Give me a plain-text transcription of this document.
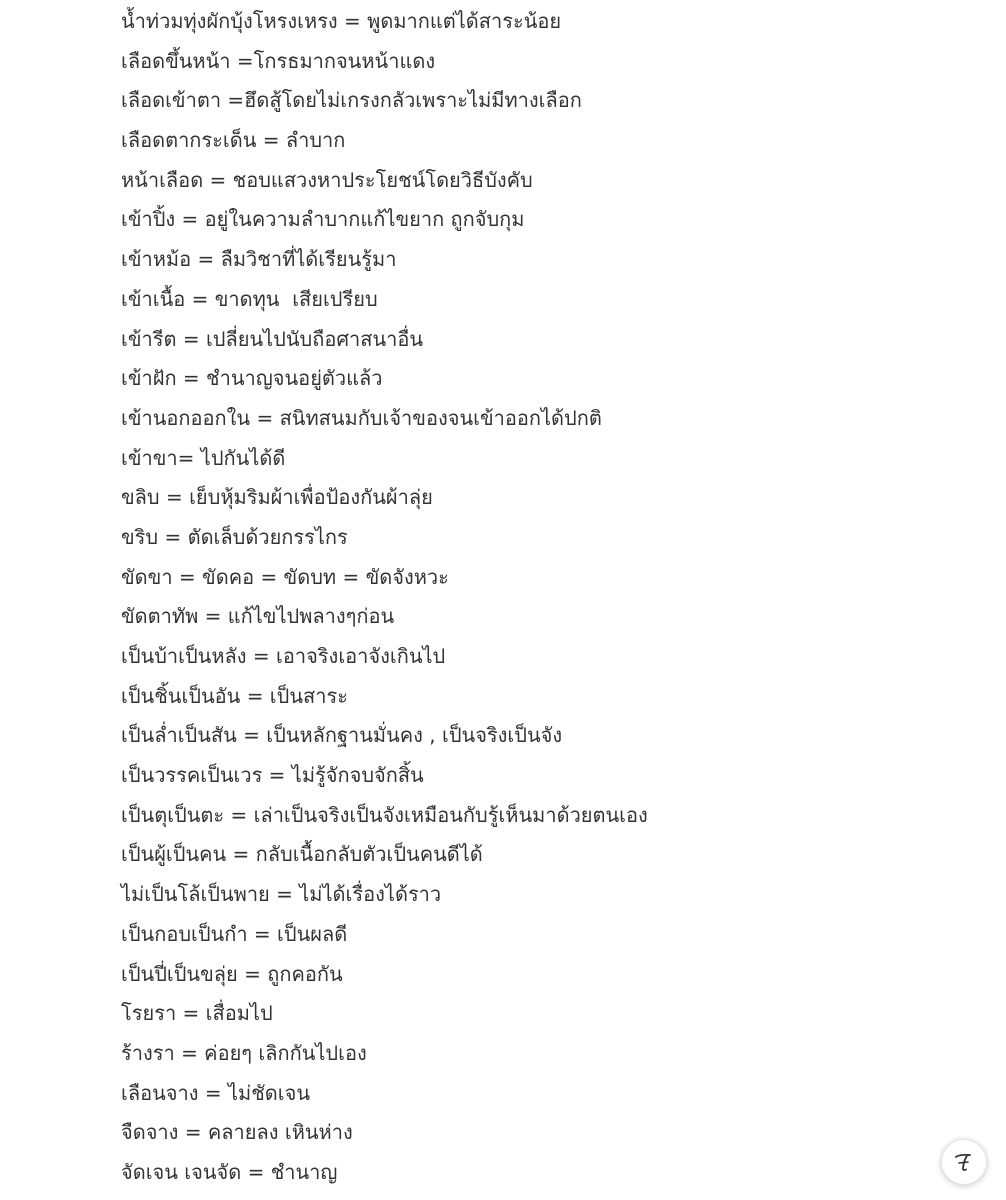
น้ำท่วมทุ่งผักบุ้งโหรงเหรง = พูดมากแต่ได้สาระน้อย
เลือดขึ้นหน้า =โกรธมากจนหน้าแดง
เลือดเข้าตา =ฮึดสู้โดยไม่เกรงกลัวเพราะไม่มีทางเลือก
เลือดตากระเด็น = ลำบาก
หน้าเลือด = ชอบแสวงหาประโยชน์โดยวิธีบังคับ
เข้าปิ้ง = อยู่ในความลำบากแก้ไขยาก ถูกจับกุม
เข้าหม้อ = ลืมวิชาที่ได้เรียนรู้มา
เข้าเนื้อ = ขาดทุน  เสียเปรียบ
เข้ารีต = เปลี่ยนไปนับถือศาสนาอื่น
เข้าฝัก = ชำนาญจนอยู่ตัวแล้ว
เข้านอกออกใน = สนิทสนมกับเจ้าของจนเข้าออกได้ปกติ
เข้าขา= ไปกันได้ดี
ขลิบ = เย็บหุ้มริมผ้าเพื่อป้องกันผ้าลุ่ย
ขริบ = ตัดเล็บด้วยกรรไกร
ขัดขา = ขัดคอ = ขัดบท = ขัดจังหวะ
ขัดตาทัพ = แก้ไขไปพลางๆก่อน
เป็นบ้าเป็นหลัง = เอาจริงเอาจังเกินไป
เป็นชิ้นเป็นอัน = เป็นสาระ
เป็นล่ำเป็นสัน = เป็นหลักฐานมั่นคง , เป็นจริงเป็นจัง
เป็นวรรคเป็นเวร = ไม่รู้จักจบจักสิ้น
เป็นตุเป็นตะ = เล่าเป็นจริงเป็นจังเหมือนกับรู้เห็นมาด้วยตนเอง
เป็นผู้เป็นคน = กลับเนื้อกลับตัวเป็นคนดีได้
ไม่เป็นโล้เป็นพาย = ไม่ได้เรื่องได้ราว
เป็นกอบเป็นกำ = เป็นผลดี
เป็นปี่เป็นขลุ่ย = ถูกคอกัน
โรยรา = เสื่อมไป
ร้างรา = ค่อยๆ เลิกกันไปเอง
เลือนจาง = ไม่ชัดเจน
จืดจาง = คลายลง เหินห่าง
จัดเจน เจนจัด = ชำนาญ
